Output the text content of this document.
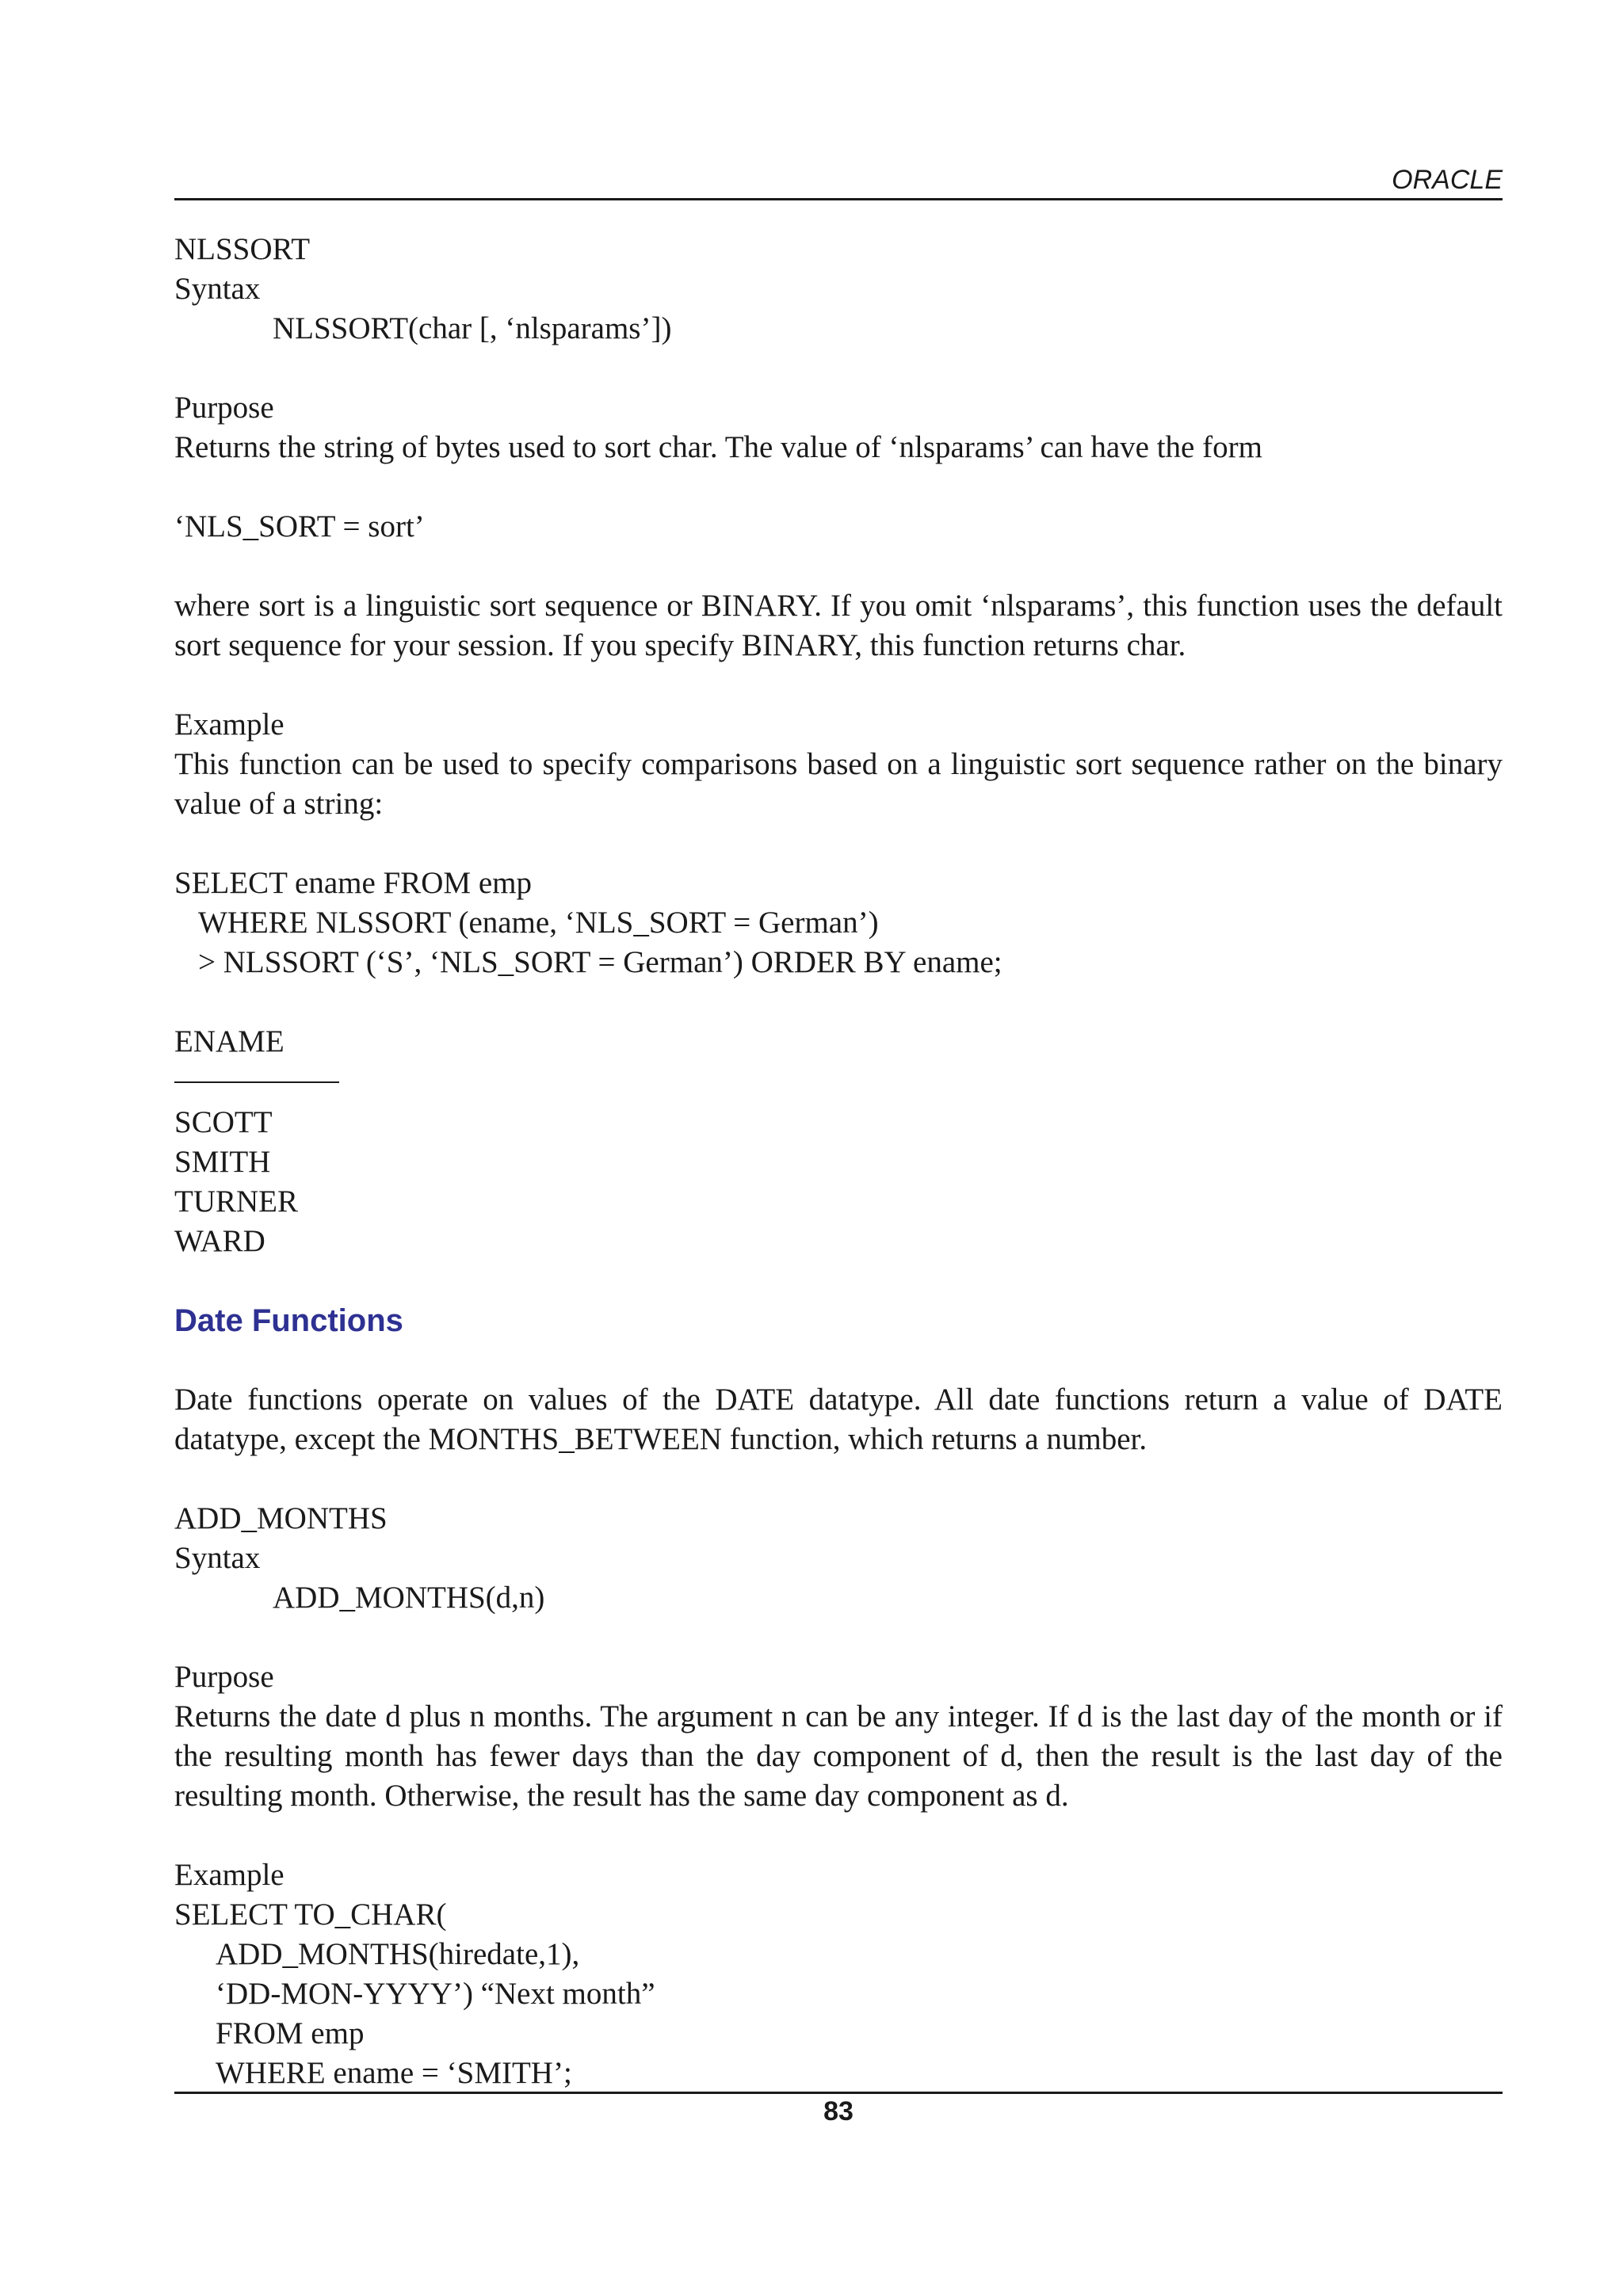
ORACLE

NLSSORT

Syntax

NLSSORT(char [, ‘nlsparams’])

Purpose

Returns the string of bytes used to sort char. The value of ‘nlsparams’ can have the form

‘NLS_SORT = sort’

where sort is a linguistic sort sequence or BINARY. If you omit ‘nlsparams’, this function uses the default sort sequence for your session. If you specify BINARY, this function returns char.

Example

This function can be used to specify comparisons based on a linguistic sort sequence rather on the binary value of a string:

SELECT ename FROM emp

WHERE NLSSORT (ename, ‘NLS_SORT = German’)

> NLSSORT (‘S’, ‘NLS_SORT = German’) ORDER BY ename;

ENAME

SCOTT

SMITH

TURNER

WARD

Date Functions

Date functions operate on values of the DATE datatype. All date functions return a value of DATE datatype, except the MONTHS_BETWEEN function, which returns a number.

ADD_MONTHS

Syntax

ADD_MONTHS(d,n)

Purpose

Returns the date d plus n months. The argument n can be any integer. If d is the last day of the month or if the resulting month has fewer days than the day component of d, then the result is the last day of the resulting month. Otherwise, the result has the same day component as d.

Example

SELECT TO_CHAR(

ADD_MONTHS(hiredate,1),

‘DD-MON-YYYY’) “Next month”

FROM emp

WHERE ename = ‘SMITH’;

83
